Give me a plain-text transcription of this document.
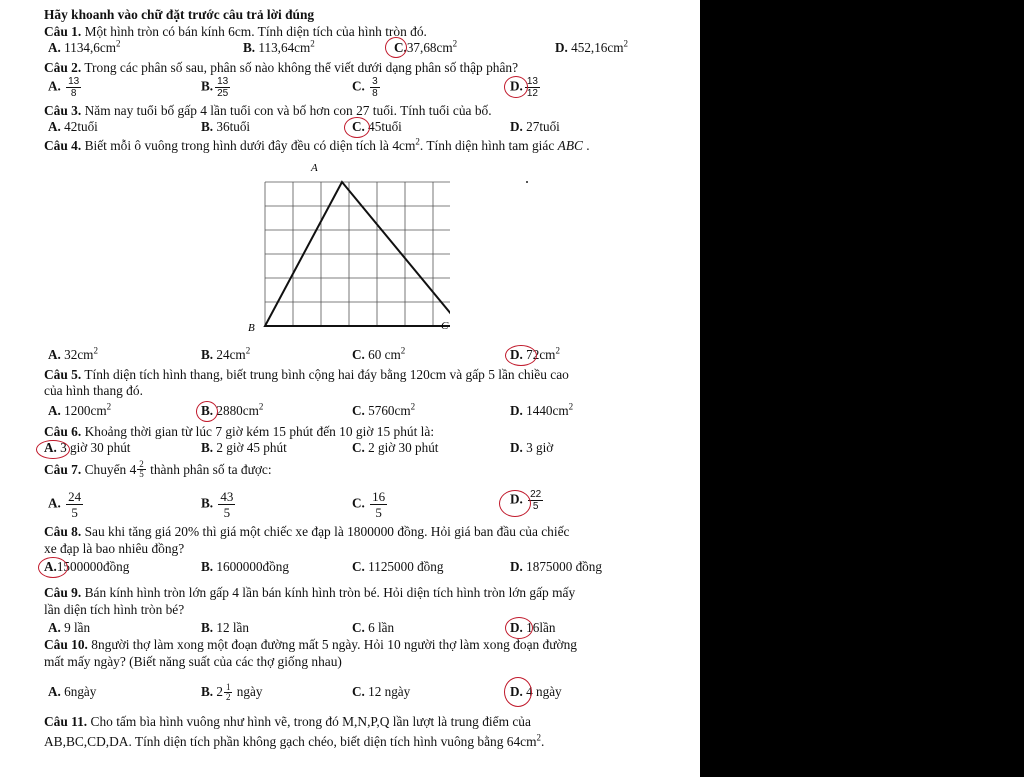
Hãy khoanh vào chữ đặt trước câu trả lời đúng
Câu 1. Một hình tròn có bán kính 6cm. Tính diện tích của hình tròn đó.
A. $1134,6cm^2$	B. $113,64cm^2$	$C.37,68cm^2$	D. $452,16cm^2$
Câu 2. Trong các phân số sau, phân số nào không thể viết dưới dạng phân số thập phân?
A. $\frac{13}{8}$	B. $\frac{13}{25}$	C. $\frac{3}{8}$	D. $\frac{13}{12}$
Câu 3. Năm nay tuổi bố gấp 4 lần tuổi con và bố hơn con 27 tuổi. Tính tuổi của bố.
A. 42tuổi	B. 36tuổi	C. 45tuổi	D. 27tuổi
Câu 4. Biết mỗi ô vuông trong hình dưới đây đều có diện tích là $4cm^2$. Tính diện hình tam giác ABC .
A
B	C
A. $32cm^2$	B. $24cm^2$	C. 60 $cm^2$	D. $72cm^2$
Câu 5. Tính diện tích hình thang, biết trung bình cộng hai đáy bằng 120cm và gấp 5 lần chiều cao
của hình thang đó.
A. $1200cm^2$	B. $2880cm^2$	C. $5760cm^2$	D. $1440cm^2$
Câu 6. Khoảng thời gian từ lúc 7 giờ kém 15 phút đến 10 giờ 15 phút là:
A. 3 giờ 30 phút	B. 2 giờ 45 phút	C. 2 giờ 30 phút	D. 3 giờ
Câu 7. Chuyển $4 \frac{2}{5}$ thành phân số ta được:
A. $\frac{24}{5}$	B. $\frac{43}{5}$	C. $\frac{16}{5}$	D. $\frac{22}{5}$
Câu 8. Sau khi tăng giá 20% thì giá một chiếc xe đạp là 1800000 đồng. Hỏi giá ban đầu của chiếc
xe đạp là bao nhiêu đồng?
A.1500000đồng	B. 1600000đồng	C. 1125000 đồng	D. 1875000 đồng
Câu 9. Bán kính hình tròn lớn gấp 4 lần bán kính hình tròn bé. Hỏi diện tích hình tròn lớn gấp mấy
lần diện tích hình tròn bé?
A. 9 lần	B. 12 lần	C. 6 lần	D. 16lần
Câu 10. 8người thợ làm xong một đoạn đường mất 5 ngày. Hỏi 10 người thợ làm xong đoạn đường
mất mấy ngày? (Biết năng suất của các thợ giống nhau)
A. 6ngày	B. $2 \frac{1}{2}$ ngày	C. 12 ngày	D. 4 ngày
Câu 11. Cho tấm bìa hình vuông như hình vẽ, trong đó M,N,P,Q lần lượt là trung điểm của
AB,BC,CD,DA. Tính diện tích phần không gạch chéo, biết diện tích hình vuông bằng $64cm^2$.
